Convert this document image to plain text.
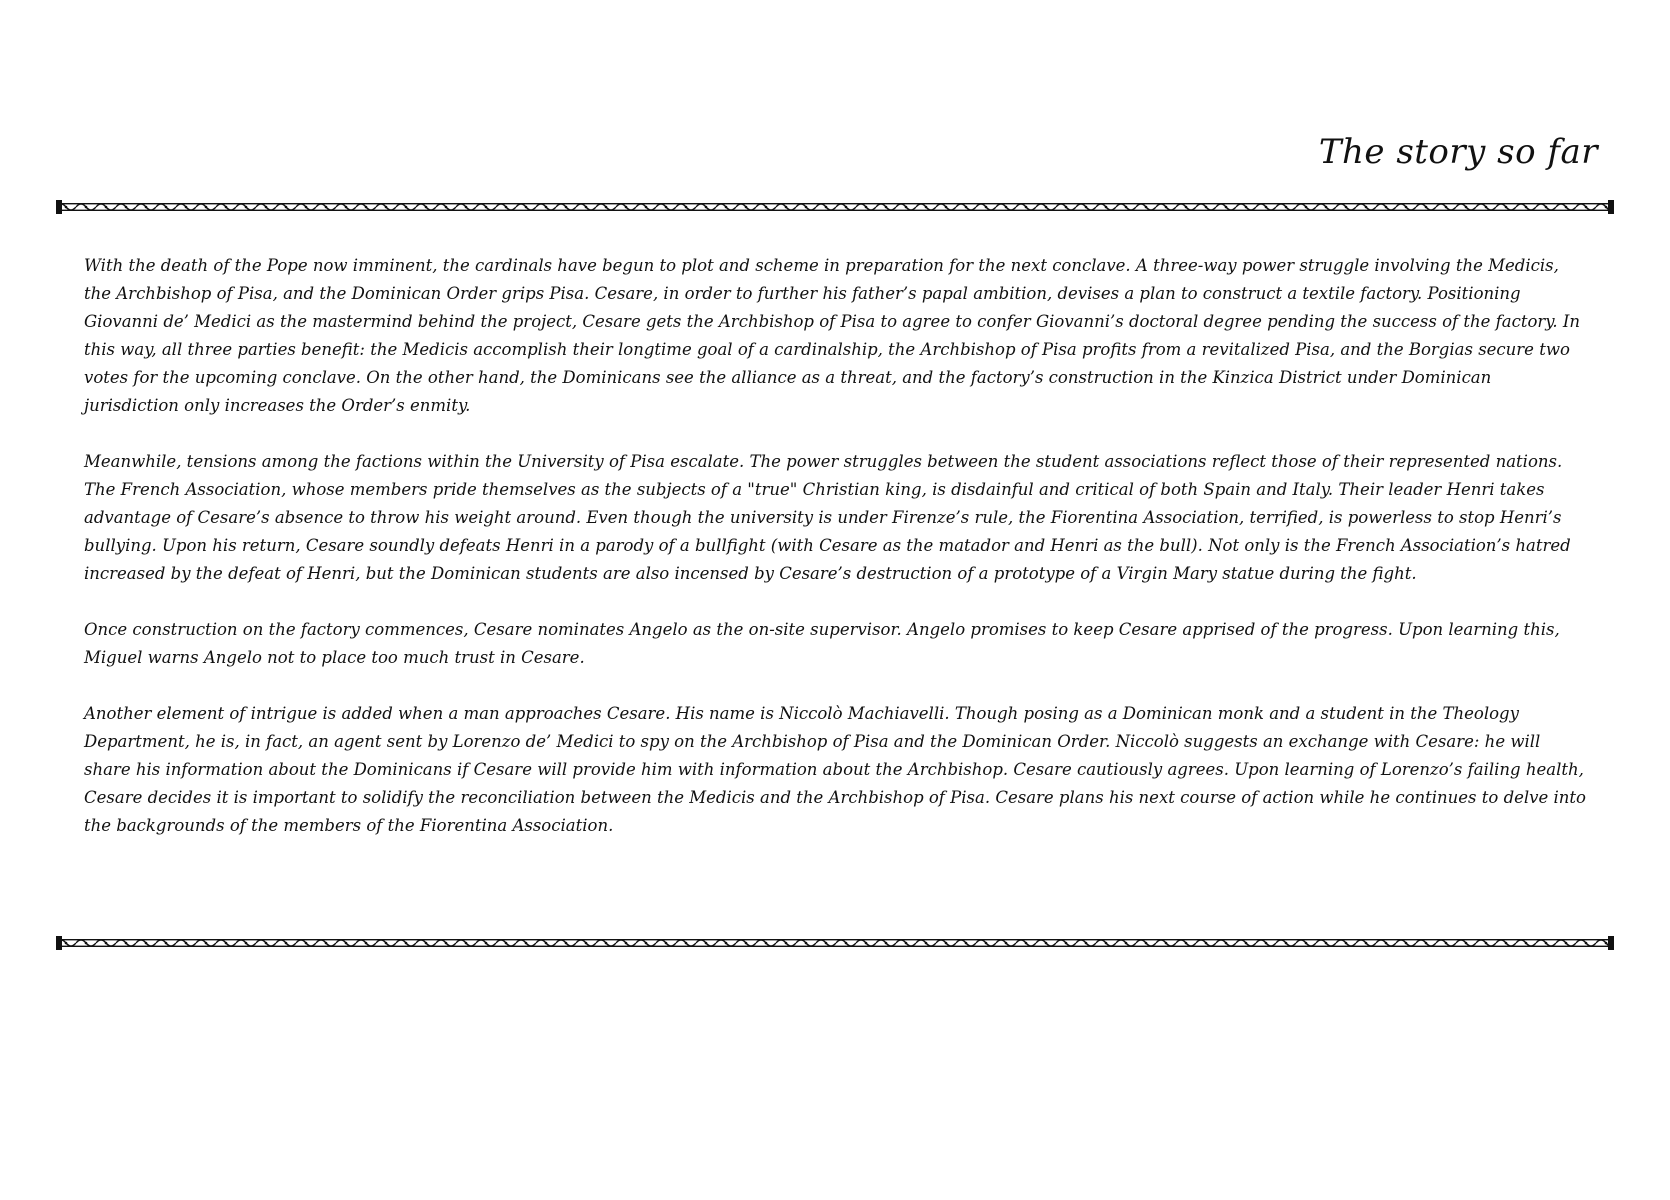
The story so far

With the death of the Pope now imminent, the cardinals have begun to plot and scheme in preparation for the next conclave. A three-way power struggle involving the Medicis, the Archbishop of Pisa, and the Dominican Order grips Pisa. Cesare, in order to further his father’s papal ambition, devises a plan to construct a textile factory. Positioning Giovanni de’ Medici as the mastermind behind the project, Cesare gets the Archbishop of Pisa to agree to confer Giovanni’s doctoral degree pending the success of the factory. In this way, all three parties benefit: the Medicis accomplish their longtime goal of a cardinalship, the Archbishop of Pisa profits from a revitalized Pisa, and the Borgias secure two votes for the upcoming conclave. On the other hand, the Dominicans see the alliance as a threat, and the factory’s construction in the Kinzica District under Dominican jurisdiction only increases the Order’s enmity.

Meanwhile, tensions among the factions within the University of Pisa escalate. The power struggles between the student associations reflect those of their represented nations. The French Association, whose members pride themselves as the subjects of a "true" Christian king, is disdainful and critical of both Spain and Italy. Their leader Henri takes advantage of Cesare’s absence to throw his weight around. Even though the university is under Firenze’s rule, the Fiorentina Association, terrified, is powerless to stop Henri’s bullying. Upon his return, Cesare soundly defeats Henri in a parody of a bullfight (with Cesare as the matador and Henri as the bull). Not only is the French Association’s hatred increased by the defeat of Henri, but the Dominican students are also incensed by Cesare’s destruction of a prototype of a Virgin Mary statue during the fight.

Once construction on the factory commences, Cesare nominates Angelo as the on-site supervisor. Angelo promises to keep Cesare apprised of the progress. Upon learning this, Miguel warns Angelo not to place too much trust in Cesare.

Another element of intrigue is added when a man approaches Cesare. His name is Niccolò Machiavelli. Though posing as a Dominican monk and a student in the Theology Department, he is, in fact, an agent sent by Lorenzo de’ Medici to spy on the Archbishop of Pisa and the Dominican Order. Niccolò suggests an exchange with Cesare: he will share his information about the Dominicans if Cesare will provide him with information about the Archbishop. Cesare cautiously agrees. Upon learning of Lorenzo’s failing health, Cesare decides it is important to solidify the reconciliation between the Medicis and the Archbishop of Pisa. Cesare plans his next course of action while he continues to delve into the backgrounds of the members of the Fiorentina Association.
